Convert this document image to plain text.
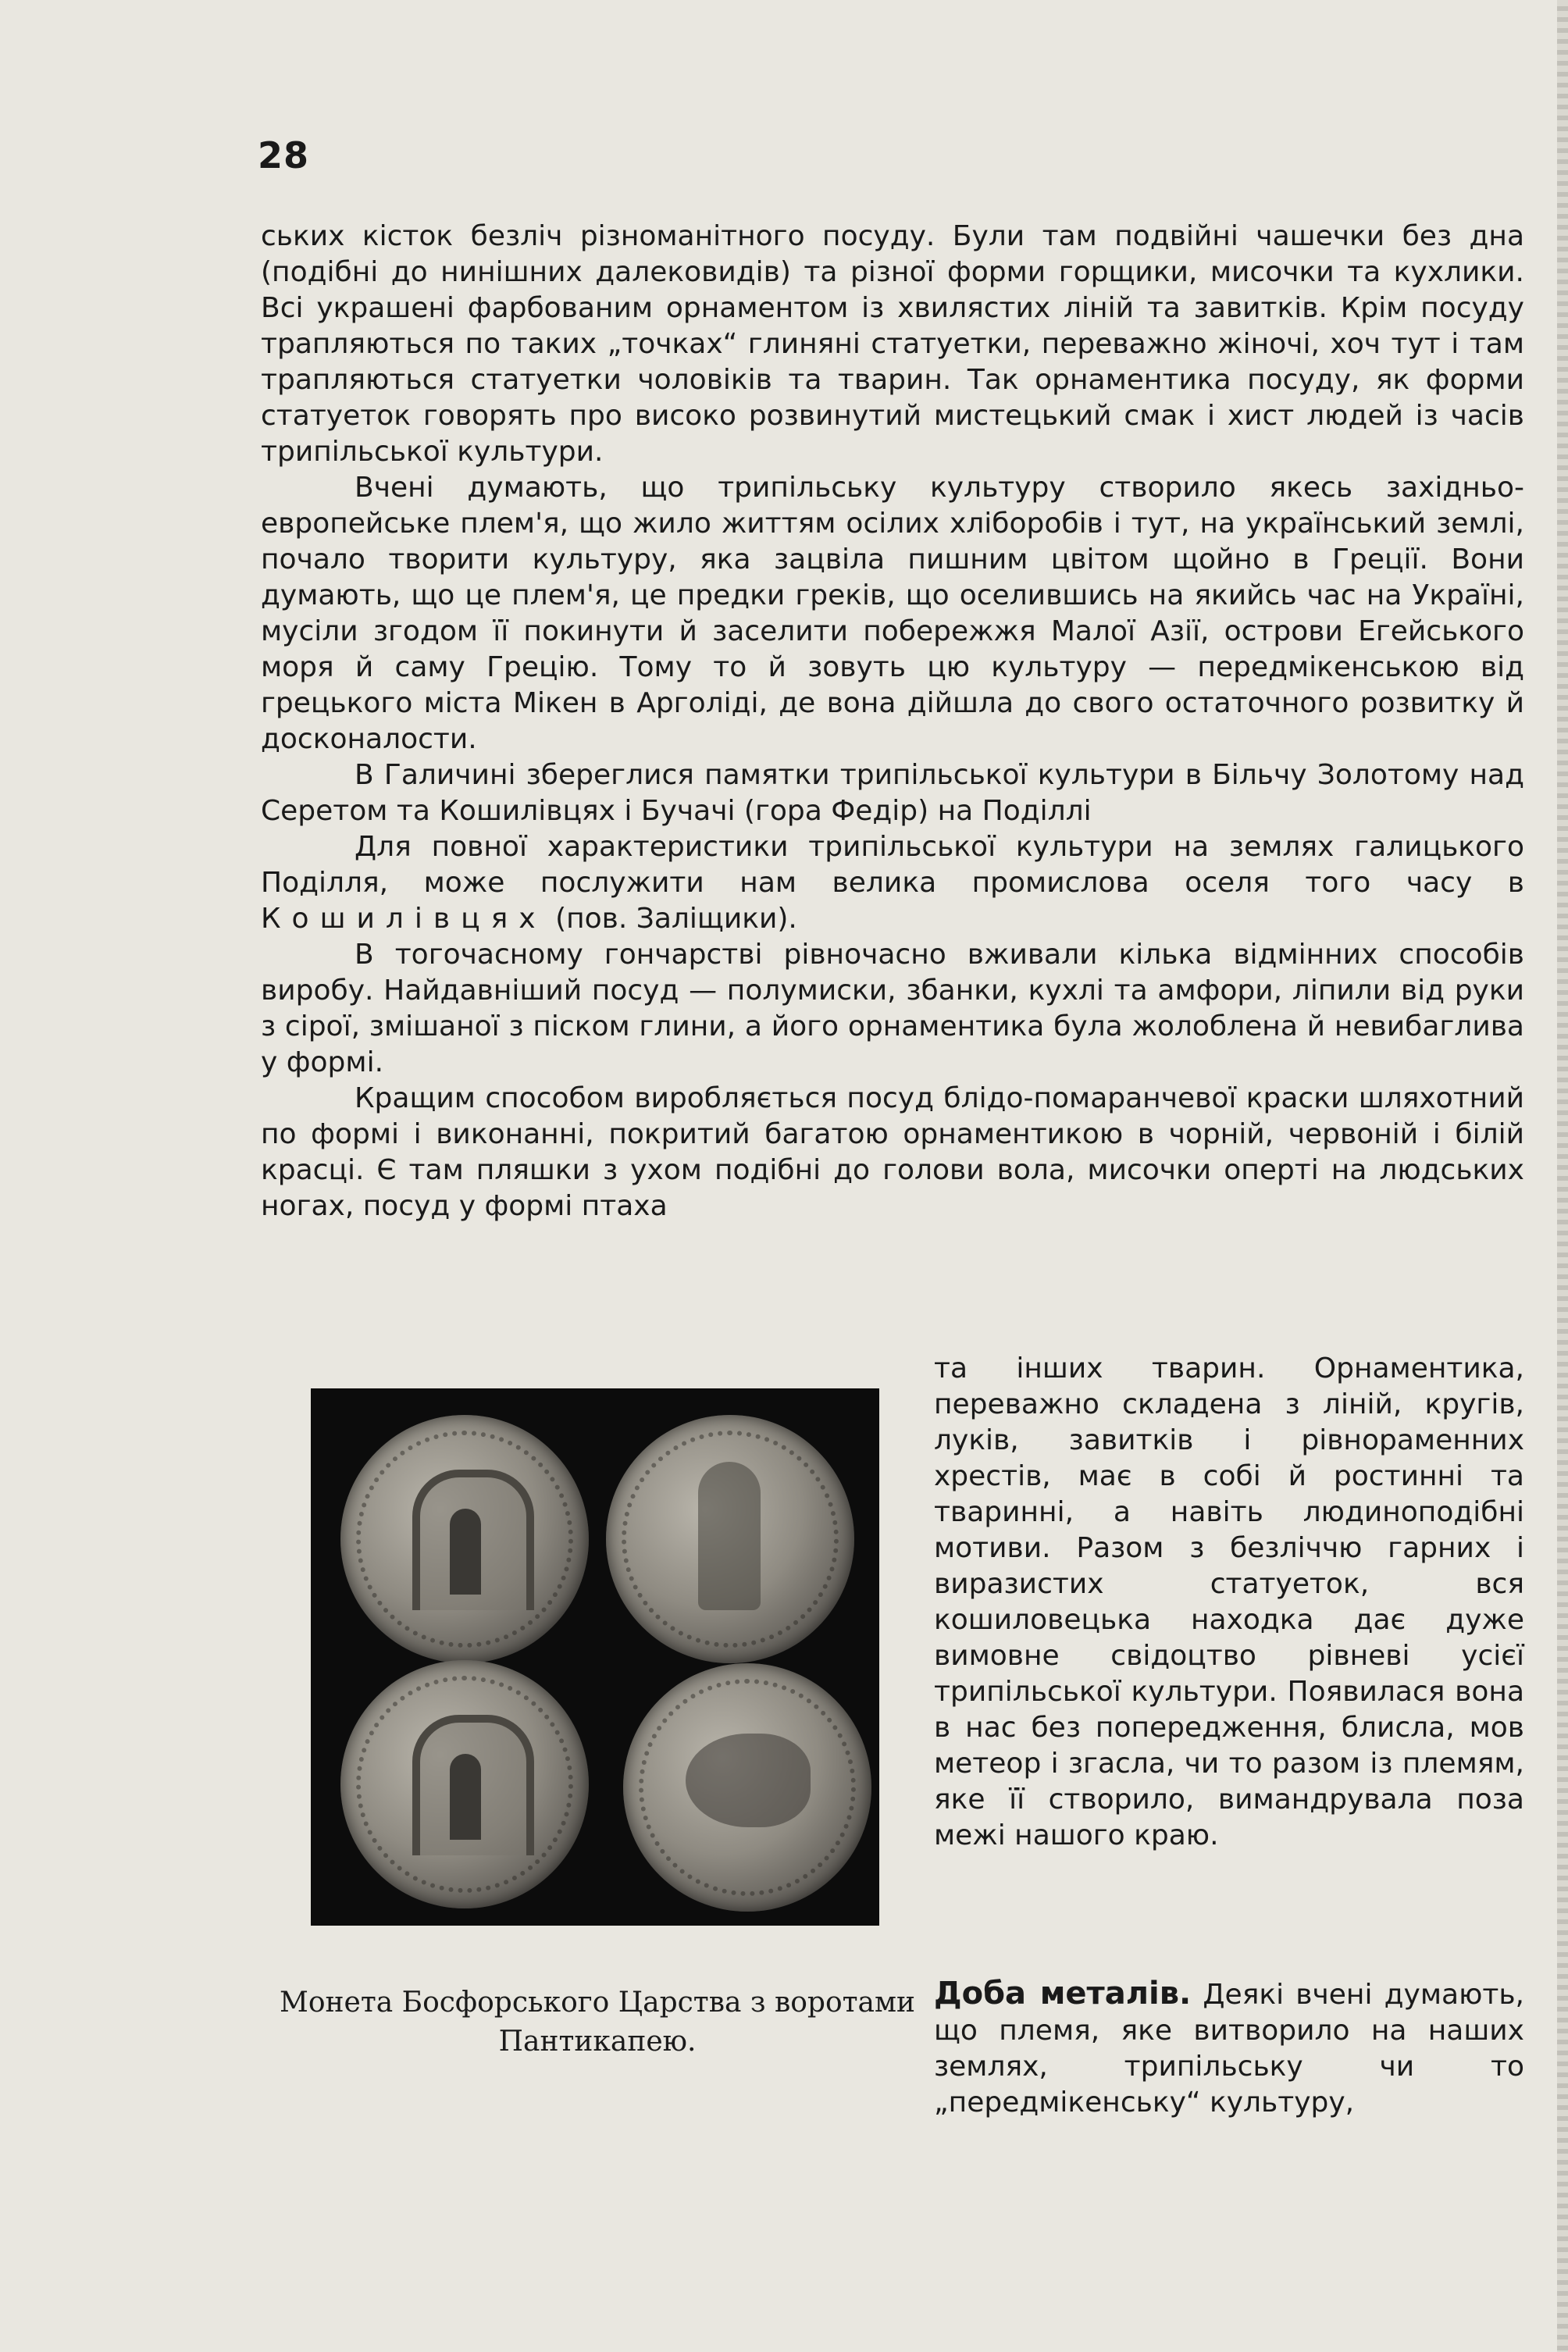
28

ських кісток безліч різноманітного посуду. Були там подвійні чашечки без дна (подібні до нинішних далековидів) та різної форми горщики, мисочки та кухлики. Всі украшені фарбованим орнаментом із хвилястих ліній та завитків. Крім посуду трапляються по таких „точках“ глиняні статуетки, переважно жіночі, хоч тут і там трапляються статуетки чоловіків та тварин. Так орнаментика посуду, як форми статуеток говорять про високо розвинутий мистецький смак і хист людей із часів трипільської культури.

Вчені думають, що трипільську культуру створило якесь західньо-европейське плем'я, що жило життям осілих хліборобів і тут, на український землі, почало творити культуру, яка зацвіла пишним цвітом щойно в Греції. Вони думають, що це плем'я, це предки греків, що оселившись на якийсь час на Україні, мусіли згодом її покинути й заселити побережжя Малої Азії, острови Егейського моря й саму Грецію. Тому то й зовуть цю культуру — передмікенською від грецького міста Мікен в Арголіді, де вона дійшла до свого остаточного розвитку й досконалости.

В Галичині збереглися памятки трипільської культури в Більчу Золотому над Серетом та Кошилівцях і Бучачі (гора Федір) на Поділлі

Для повної характеристики трипільської культури на землях галицького Поділля, може послужити нам велика промислова оселя того часу в Кошилівцях (пов. Заліщики).

В тогочасному гончарстві рівночасно вживали кілька відмінних способів виробу. Найдавніший посуд — полумиски, збанки, кухлі та амфори, ліпили від руки з сірої, змішаної з піском глини, а його орнаментика була жолоблена й невибаглива у формі.

Кращим способом виробляється посуд блідо-помаранчевої краски шляхотний по формі і виконанні, покритий багатою орнаментикою в чорній, червоній і білій красці. Є там пляшки з ухом подібні до голови вола, мисочки оперті на людських ногах, посуд у формі птаха

Монета Босфорського Царства з воротами Пантикапею.

та інших тварин. Орнаментика, переважно складена з ліній, кругів, луків, завитків і рівнораменних хрестів, має в собі й ростинні та тваринні, а навіть людиноподібні мотиви. Разом з безліччю гарних і виразистих статуеток, вся кошиловецька находка дає дуже вимовне свідоцтво рівневі усієї трипільської культури. Появилася вона в нас без попередження, блисла, мов метеор і згасла, чи то разом із племям, яке її створило, вимандрувала поза межі нашого краю.

Доба металів. Деякі вчені думають, що племя, яке витворило на наших землях, трипільську чи то „передмікенську“ культуру,
